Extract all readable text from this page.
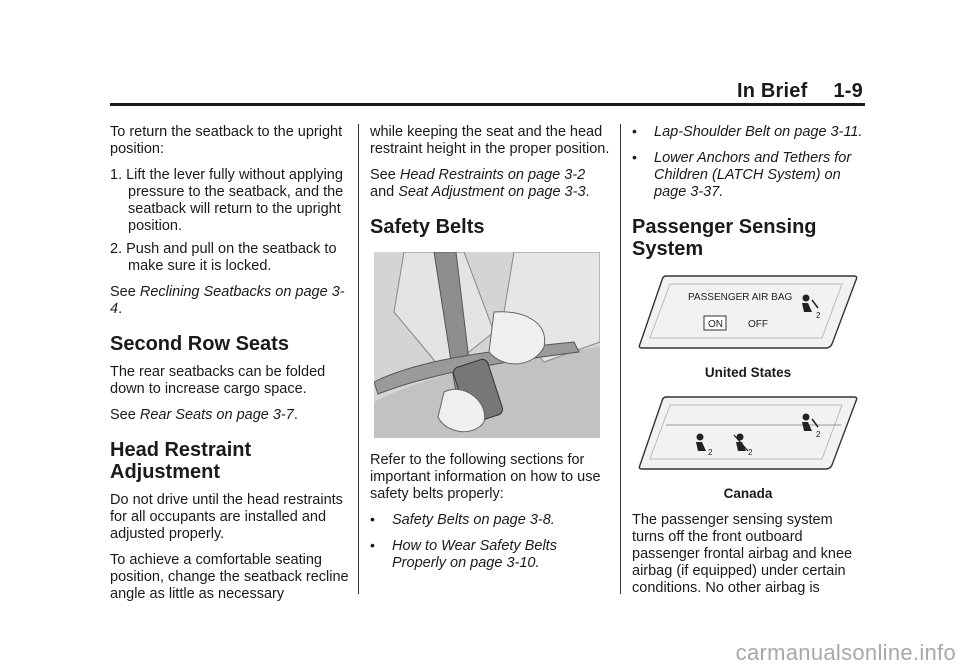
In Brief 1-9

To return the seatback to the upright position:

1. Lift the lever fully without applying pressure to the seatback, and the seatback will return to the upright position.
2. Push and pull on the seatback to make sure it is locked.

See Reclining Seatbacks on page 3-4.

Second Row Seats

The rear seatbacks can be folded down to increase cargo space.

See Rear Seats on page 3-7.

Head Restraint Adjustment

Do not drive until the head restraints for all occupants are installed and adjusted properly.

To achieve a comfortable seating position, change the seatback recline angle as little as necessary

while keeping the seat and the head restraint height in the proper position.

See Head Restraints on page 3-2 and Seat Adjustment on page 3-3.

Safety Belts

Refer to the following sections for important information on how to use safety belts properly:

• Safety Belts on page 3-8.
• How to Wear Safety Belts Properly on page 3-10.
• Lap-Shoulder Belt on page 3-11.
• Lower Anchors and Tethers for Children (LATCH System) on page 3-37.
Passenger Sensing System
PASSENGER AIR BAG
ON	OFF
2

United States

2	2
2

Canada

The passenger sensing system turns off the front outboard passenger frontal airbag and knee airbag (if equipped) under certain conditions. No other airbag is

carmanualsonline.info
